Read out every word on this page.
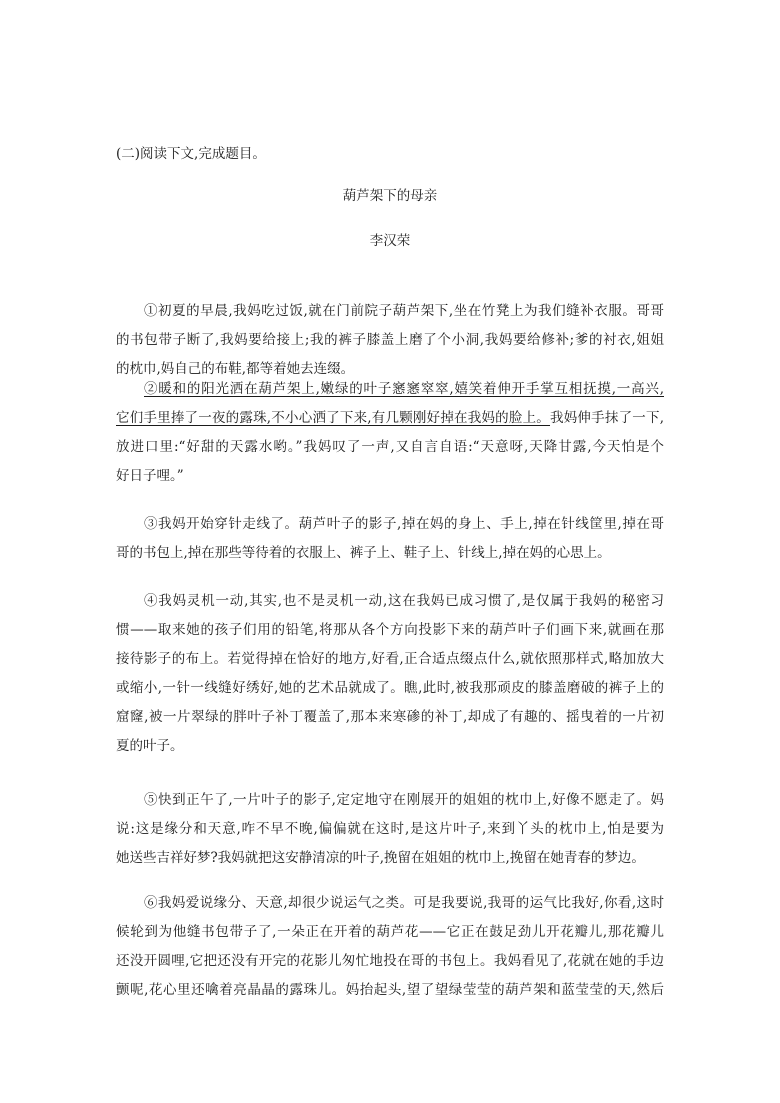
(二)阅读下文,完成题目。
葫芦架下的母亲
李汉荣
①初夏的早晨,我妈吃过饭,就在门前院子葫芦架下,坐在竹凳上为我们缝补衣服。哥哥
的书包带子断了,我妈要给接上;我的裤子膝盖上磨了个小洞,我妈要给修补;爹的衬衣,姐姐
的枕巾,妈自己的布鞋,都等着她去连缀。
②暖和的阳光洒在葫芦架上,嫩绿的叶子窸窸窣窣,嬉笑着伸开手掌互相抚摸,一高兴,
它们手里捧了一夜的露珠,不小心洒了下来,有几颗刚好掉在我妈的脸上。我妈伸手抹了一下,
放进口里:“好甜的天露水哟。”我妈叹了一声,又自言自语:“天意呀,天降甘露,今天怕是个
好日子哩。”
③我妈开始穿针走线了。葫芦叶子的影子,掉在妈的身上、手上,掉在针线筐里,掉在哥
哥的书包上,掉在那些等待着的衣服上、裤子上、鞋子上、针线上,掉在妈的心思上。
④我妈灵机一动,其实,也不是灵机一动,这在我妈已成习惯了,是仅属于我妈的秘密习
惯——取来她的孩子们用的铅笔,将那从各个方向投影下来的葫芦叶子们画下来,就画在那
接待影子的布上。若觉得掉在恰好的地方,好看,正合适点缀点什么,就依照那样式,略加放大
或缩小,一针一线缝好绣好,她的艺术品就成了。瞧,此时,被我那顽皮的膝盖磨破的裤子上的
窟窿,被一片翠绿的胖叶子补丁覆盖了,那本来寒碜的补丁,却成了有趣的、摇曳着的一片初
夏的叶子。
⑤快到正午了,一片叶子的影子,定定地守在刚展开的姐姐的枕巾上,好像不愿走了。妈
说:这是缘分和天意,咋不早不晚,偏偏就在这时,是这片叶子,来到丫头的枕巾上,怕是要为
她送些吉祥好梦?我妈就把这安静清凉的叶子,挽留在姐姐的枕巾上,挽留在她青春的梦边。
⑥我妈爱说缘分、天意,却很少说运气之类。可是我要说,我哥的运气比我好,你看,这时
候轮到为他缝书包带子了,一朵正在开着的葫芦花——它正在鼓足劲儿开花瓣儿,那花瓣儿
还没开圆哩,它把还没有开完的花影儿匆忙地投在哥的书包上。我妈看见了,花就在她的手边
颤呢,花心里还噙着亮晶晶的露珠儿。妈抬起头,望了望绿莹莹的葫芦架和蓝莹莹的天,然后
